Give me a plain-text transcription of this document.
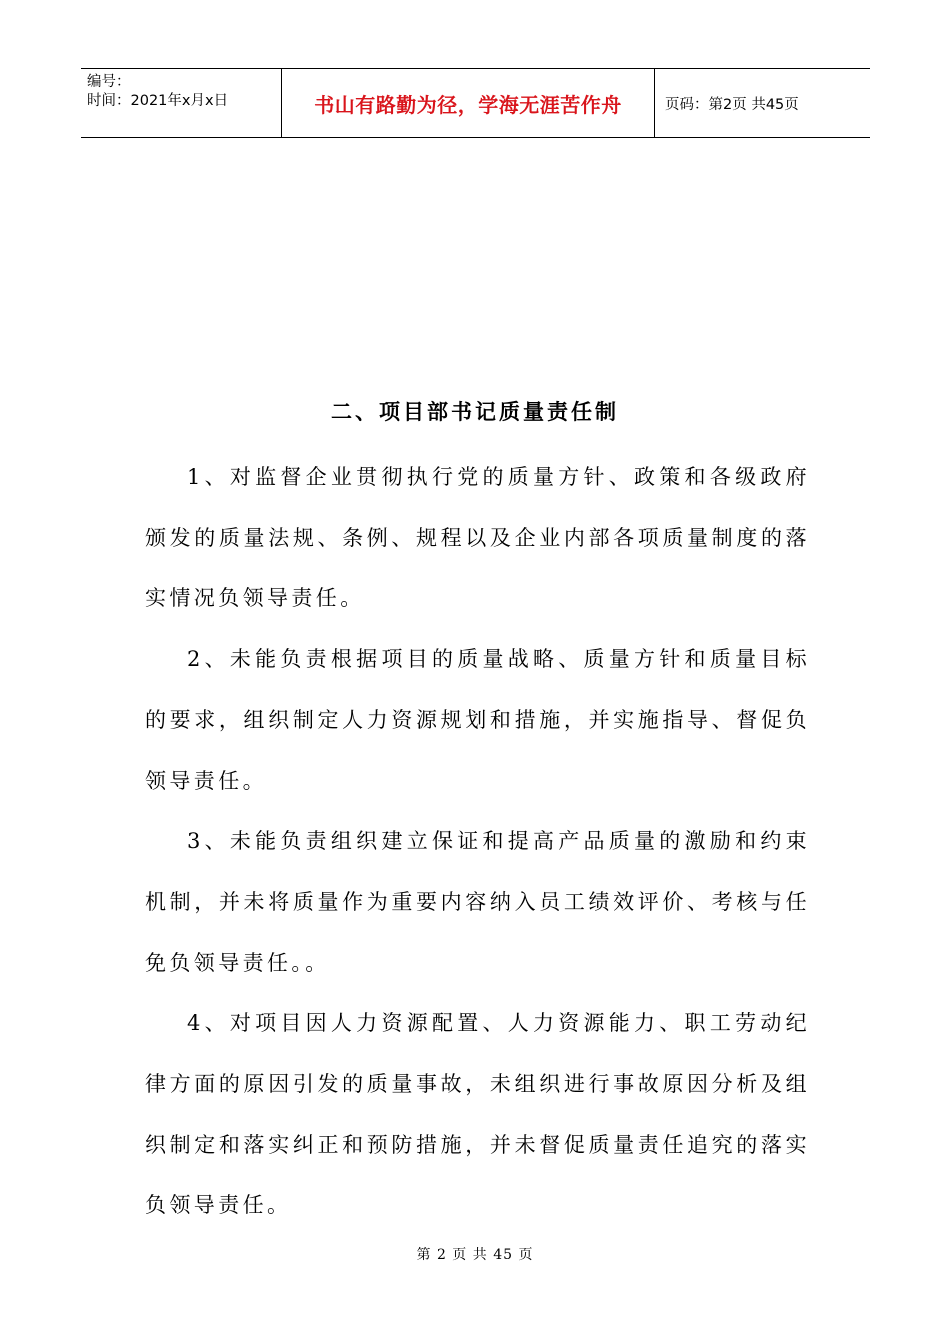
编号：
时间：2021年x月x日	书山有路勤为径，学海无涯苦作舟	页码：第2页 共45页
二、项目部书记质量责任制

1、对监督企业贯彻执行党的质量方针、政策和各级政府颁发的质量法规、条例、规程以及企业内部各项质量制度的落实情况负领导责任。

2、未能负责根据项目的质量战略、质量方针和质量目标的要求，组织制定人力资源规划和措施，并实施指导、督促负领导责任。

3、未能负责组织建立保证和提高产品质量的激励和约束机制，并未将质量作为重要内容纳入员工绩效评价、考核与任免负领导责任。。

4、对项目因人力资源配置、人力资源能力、职工劳动纪律方面的原因引发的质量事故，未组织进行事故原因分析及组织制定和落实纠正和预防措施，并未督促质量责任追究的落实负领导责任。

第 2 页 共 45 页
